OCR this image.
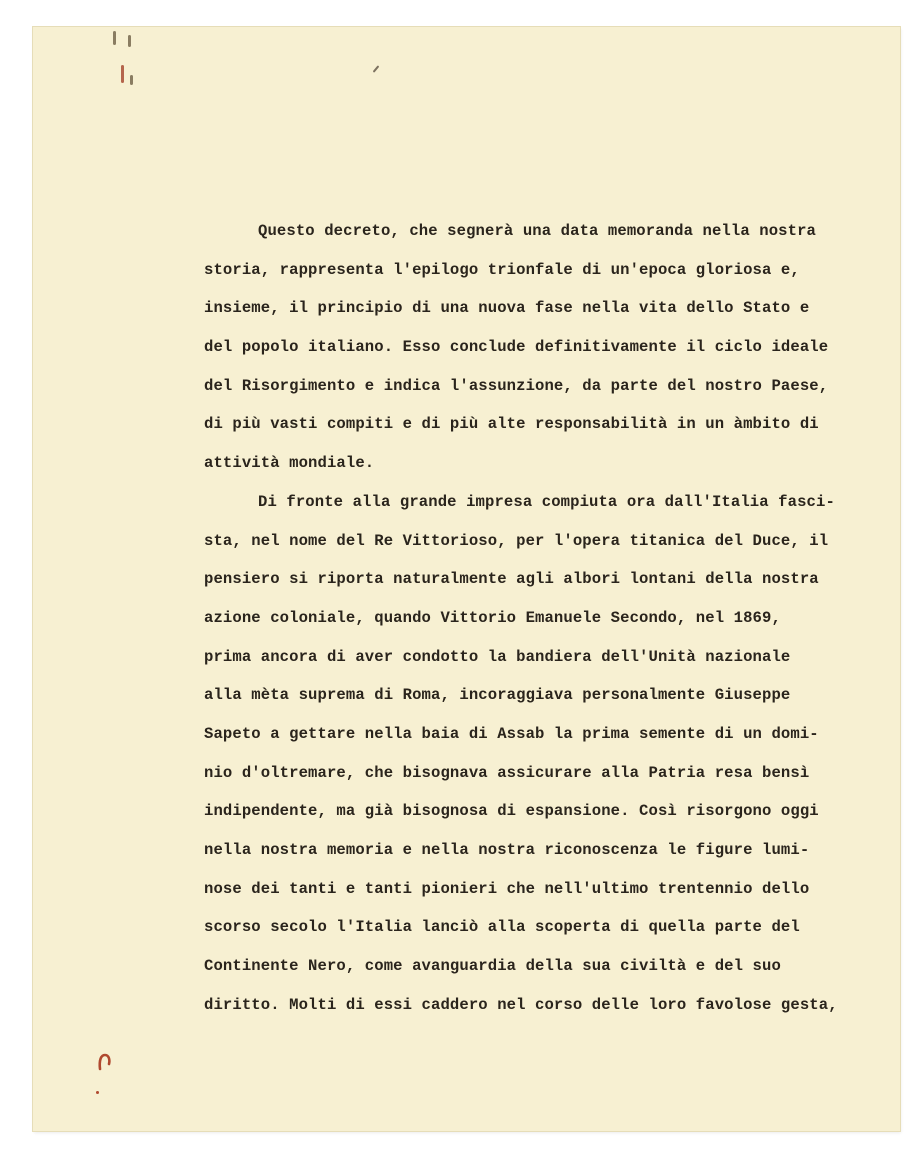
Questo decreto, che segnerà una data memoranda nella nostra
storia, rappresenta l'epilogo trionfale di un'epoca gloriosa e,
insieme, il principio di una nuova fase nella vita dello Stato e
del popolo italiano. Esso conclude definitivamente il ciclo ideale
del Risorgimento e indica l'assunzione, da parte del nostro Paese,
di più vasti compiti e di più alte responsabilità in un àmbito di
attività mondiale.
Di fronte alla grande impresa compiuta ora dall'Italia fasci-
sta, nel nome del Re Vittorioso, per l'opera titanica del Duce, il
pensiero si riporta naturalmente agli albori lontani della nostra
azione coloniale, quando Vittorio Emanuele Secondo, nel 1869,
prima ancora di aver condotto la bandiera dell'Unità nazionale
alla mèta suprema di Roma, incoraggiava personalmente Giuseppe
Sapeto a gettare nella baia di Assab la prima semente di un domi-
nio d'oltremare, che bisognava assicurare alla Patria resa bensì
indipendente, ma già bisognosa di espansione. Così risorgono oggi
nella nostra memoria e nella nostra riconoscenza le figure lumi-
nose dei tanti e tanti pionieri che nell'ultimo trentennio dello
scorso secolo l'Italia lanciò alla scoperta di quella parte del
Continente Nero, come avanguardia della sua civiltà e del suo
diritto. Molti di essi caddero nel corso delle loro favolose gesta,
